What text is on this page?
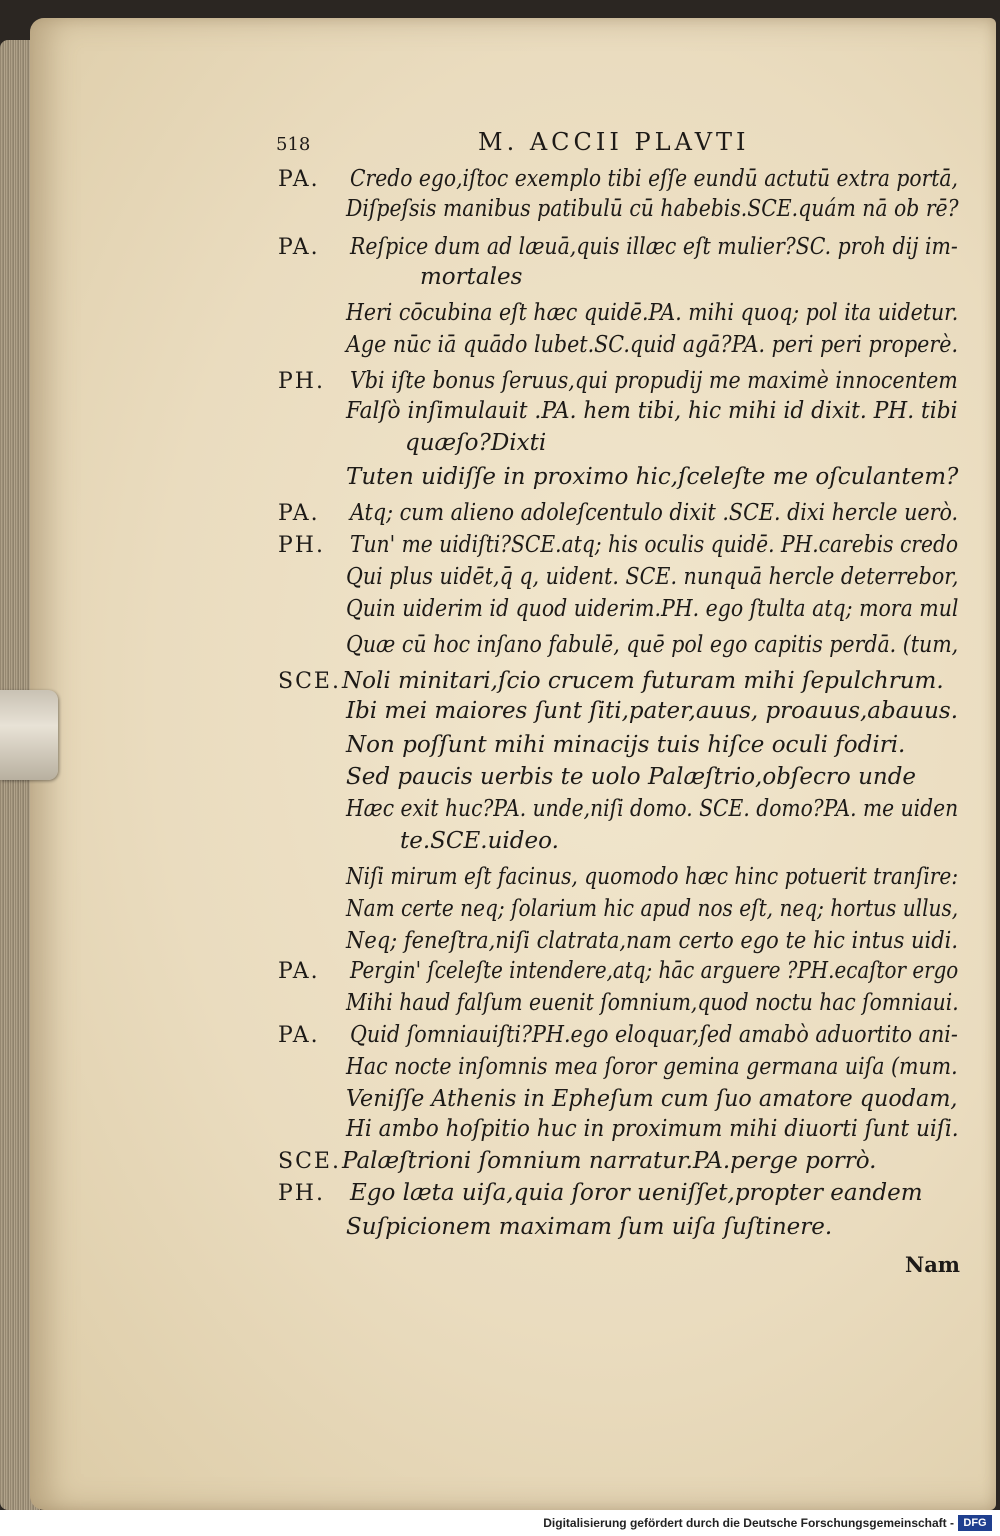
518	M. ACCII PLAVTI
PA. Credo ego,iſtoc exemplo tibi eſſe eundū actutū extra portā,
Diſpeſsis manibus patibulū cū habebis.SCE.quám nā ob rē?
PA. Reſpice dum ad læuā,quis illæc eſt mulier?SC. proh dij im-
mortales
Heri cōcubina eſt hæc quidē.PA. mihi quoq; pol ita uidetur.
Age nūc iā quādo lubet.SC.quid agā?PA. peri peri properè.
PH. Vbi iſte bonus ſeruus,qui propudij me maximè innocentem
Falſò inſimulauit .PA. hem tibi, hic mihi id dixit. PH. tibi
quæſo?Dixti
Tuten uidiſſe in proximo hic,ſceleſte me oſculantem?
PA. Atq; cum alieno adoleſcentulo dixit .SCE. dixi hercle uerò.
PH. Tun' me uidiſti?SCE.atq; his oculis quidē. PH.carebis credo
Qui plus uidēt,q̄ q, uident. SCE. nunquā hercle deterrebor,
Quin uiderim id quod uiderim.PH. ego ſtulta atq; mora mul
Quæ cū hoc inſano fabulē, quē pol ego capitis perdā. (tum,
SCE. Noli minitari,ſcio crucem futuram mihi ſepulchrum.
Ibi mei maiores ſunt ſiti,pater,auus, proauus,abauus.
Non poſſunt mihi minacijs tuis hiſce oculi fodiri.
Sed paucis uerbis te uolo Palæſtrio,obſecro unde
Hæc exit huc?PA. unde,niſi domo. SCE. domo?PA. me uiden
te.SCE.uideo.
Niſi mirum eſt facinus, quomodo hæc hinc potuerit tranſire:
Nam certe neq; ſolarium hic apud nos eſt, neq; hortus ullus,
Neq; feneſtra,niſi clatrata,nam certo ego te hic intus uidi.
PA. Pergin' ſceleſte intendere,atq; hāc arguere ?PH.ecaſtor ergo
Mihi haud falſum euenit ſomnium,quod noctu hac ſomniaui.
PA. Quid ſomniauiſti?PH.ego eloquar,ſed amabò aduortito ani-
Hac nocte inſomnis mea ſoror gemina germana uiſa (mum.
Veniſſe Athenis in Epheſum cum ſuo amatore quodam,
Hi ambo hoſpitio huc in proximum mihi diuorti ſunt uiſi.
SCE. Palæſtrioni ſomnium narratur.PA.perge porrò.
PH. Ego læta uiſa,quia ſoror ueniſſet,propter eandem
Suſpicionem maximam ſum uiſa ſuſtinere.
Nam
Digitalisierung gefördert durch die Deutsche Forschungsgemeinschaft - DFG
